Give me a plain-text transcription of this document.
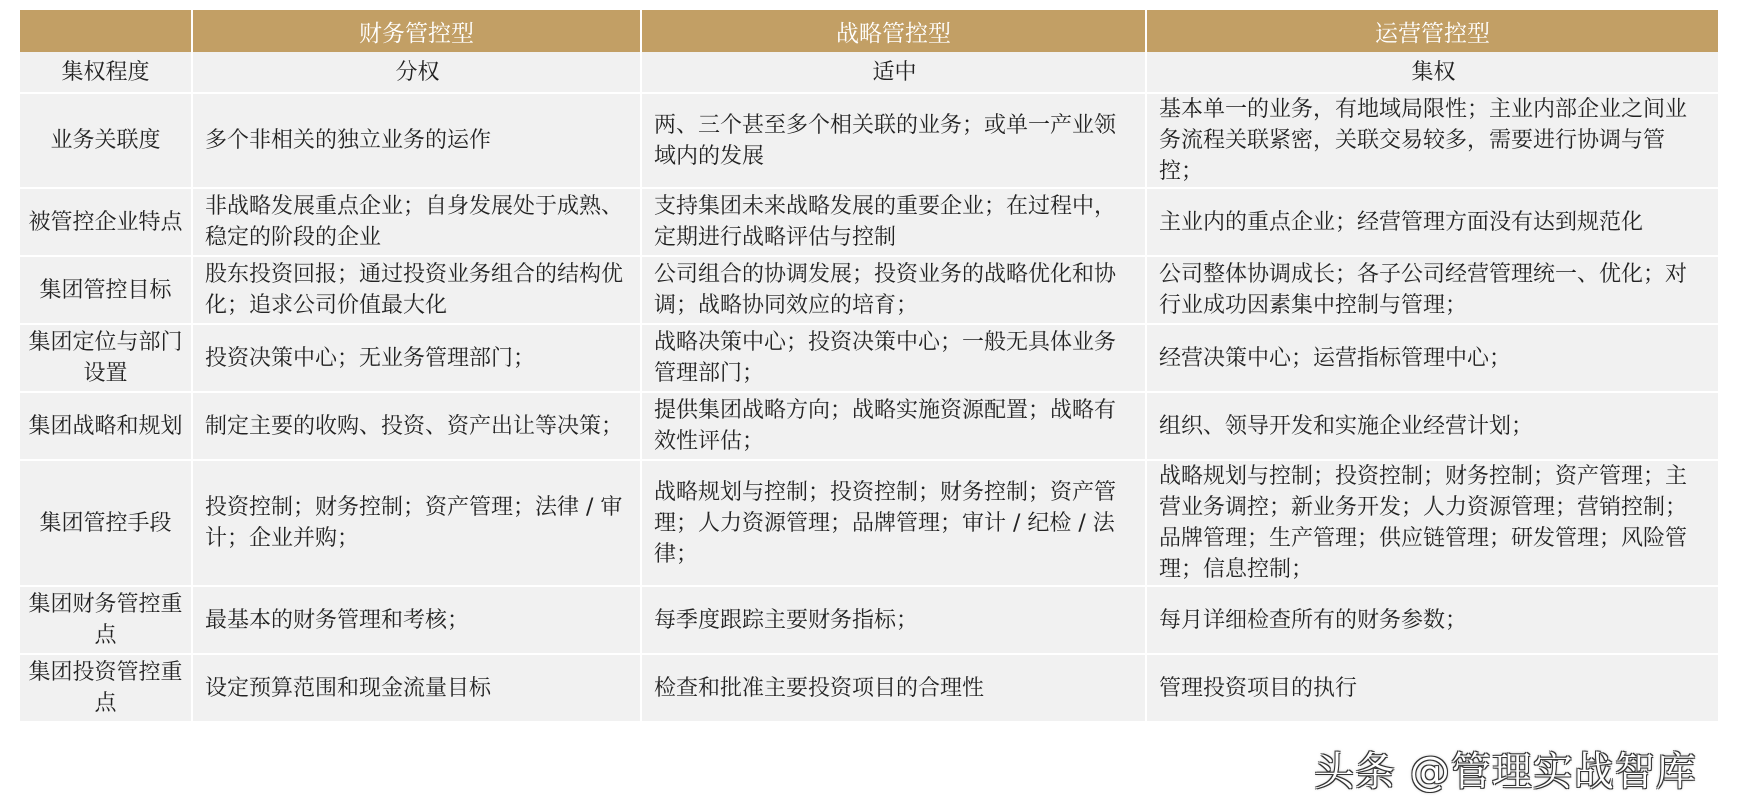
	财务管控型	战略管控型	运营管控型
集权程度	分权	适中	集权
业务关联度	多个非相关的独立业务的运作	两、三个甚至多个相关联的业务；或单一产业领域内的发展	基本单一的业务，有地域局限性；主业内部企业之间业务流程关联紧密，关联交易较多，需要进行协调与管控；
被管控企业特点	非战略发展重点企业；自身发展处于成熟、稳定的阶段的企业	支持集团未来战略发展的重要企业；在过程中，定期进行战略评估与控制	主业内的重点企业；经营管理方面没有达到规范化
集团管控目标	股东投资回报；通过投资业务组合的结构优化；追求公司价值最大化	公司组合的协调发展；投资业务的战略优化和协调；战略协同效应的培育；	公司整体协调成长；各子公司经营管理统一、优化；对行业成功因素集中控制与管理；
集团定位与部门设置	投资决策中心；无业务管理部门；	战略决策中心；投资决策中心；一般无具体业务管理部门；	经营决策中心；运营指标管理中心；
集团战略和规划	制定主要的收购、投资、资产出让等决策；	提供集团战略方向；战略实施资源配置；战略有效性评估；	组织、领导开发和实施企业经营计划；
集团管控手段	投资控制；财务控制；资产管理；法律 / 审计；企业并购；	战略规划与控制；投资控制；财务控制；资产管理；人力资源管理；品牌管理；审计 / 纪检 / 法律；	战略规划与控制；投资控制；财务控制；资产管理；主营业务调控；新业务开发；人力资源管理；营销控制；品牌管理；生产管理；供应链管理；研发管理；风险管理；信息控制；
集团财务管控重点	最基本的财务管理和考核；	每季度跟踪主要财务指标；	每月详细检查所有的财务参数；
集团投资管控重点	设定预算范围和现金流量目标	检查和批准主要投资项目的合理性	管理投资项目的执行
头条 @管理实战智库
